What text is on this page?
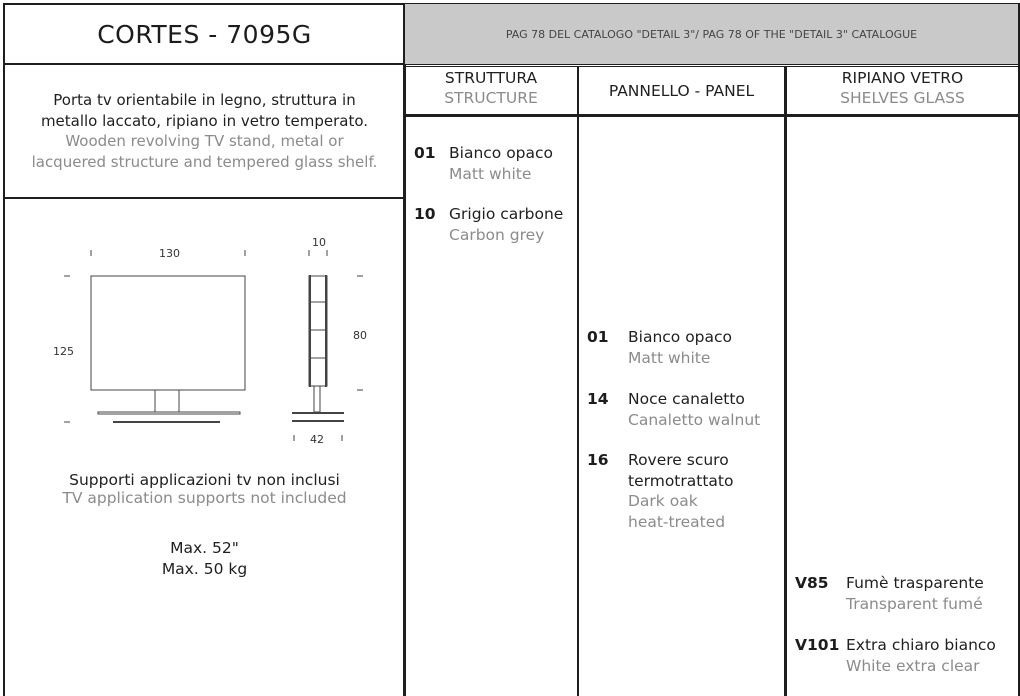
CORTES - 7095G	PAG 78 DEL CATALOGO "DETAIL 3"/ PAG 78 OF THE "DETAIL 3" CATALOGUE
Porta tv orientabile in legno, struttura in metallo laccato, ripiano in vetro temperato.
Wooden revolving TV stand, metal or lacquered structure and tempered glass shelf.
130
125
10
80
42
Supporti applicazioni tv non inclusi
TV application supports not included
Max. 52"
Max. 50 kg
STRUTTURA
STRUCTURE	PANNELLO - PANEL
RIPIANO VETRO
SHELVES GLASS
01 Bianco opaco
Matt white
10 Grigio carbone
Carbon grey
01 Bianco opaco
Matt white
14 Noce canaletto
Canaletto walnut
16 Rovere scuro
termotrattato
Dark oak
heat-treated
V85 Fumè trasparente
Transparent fumé
V101 Extra chiaro bianco
White extra clear
